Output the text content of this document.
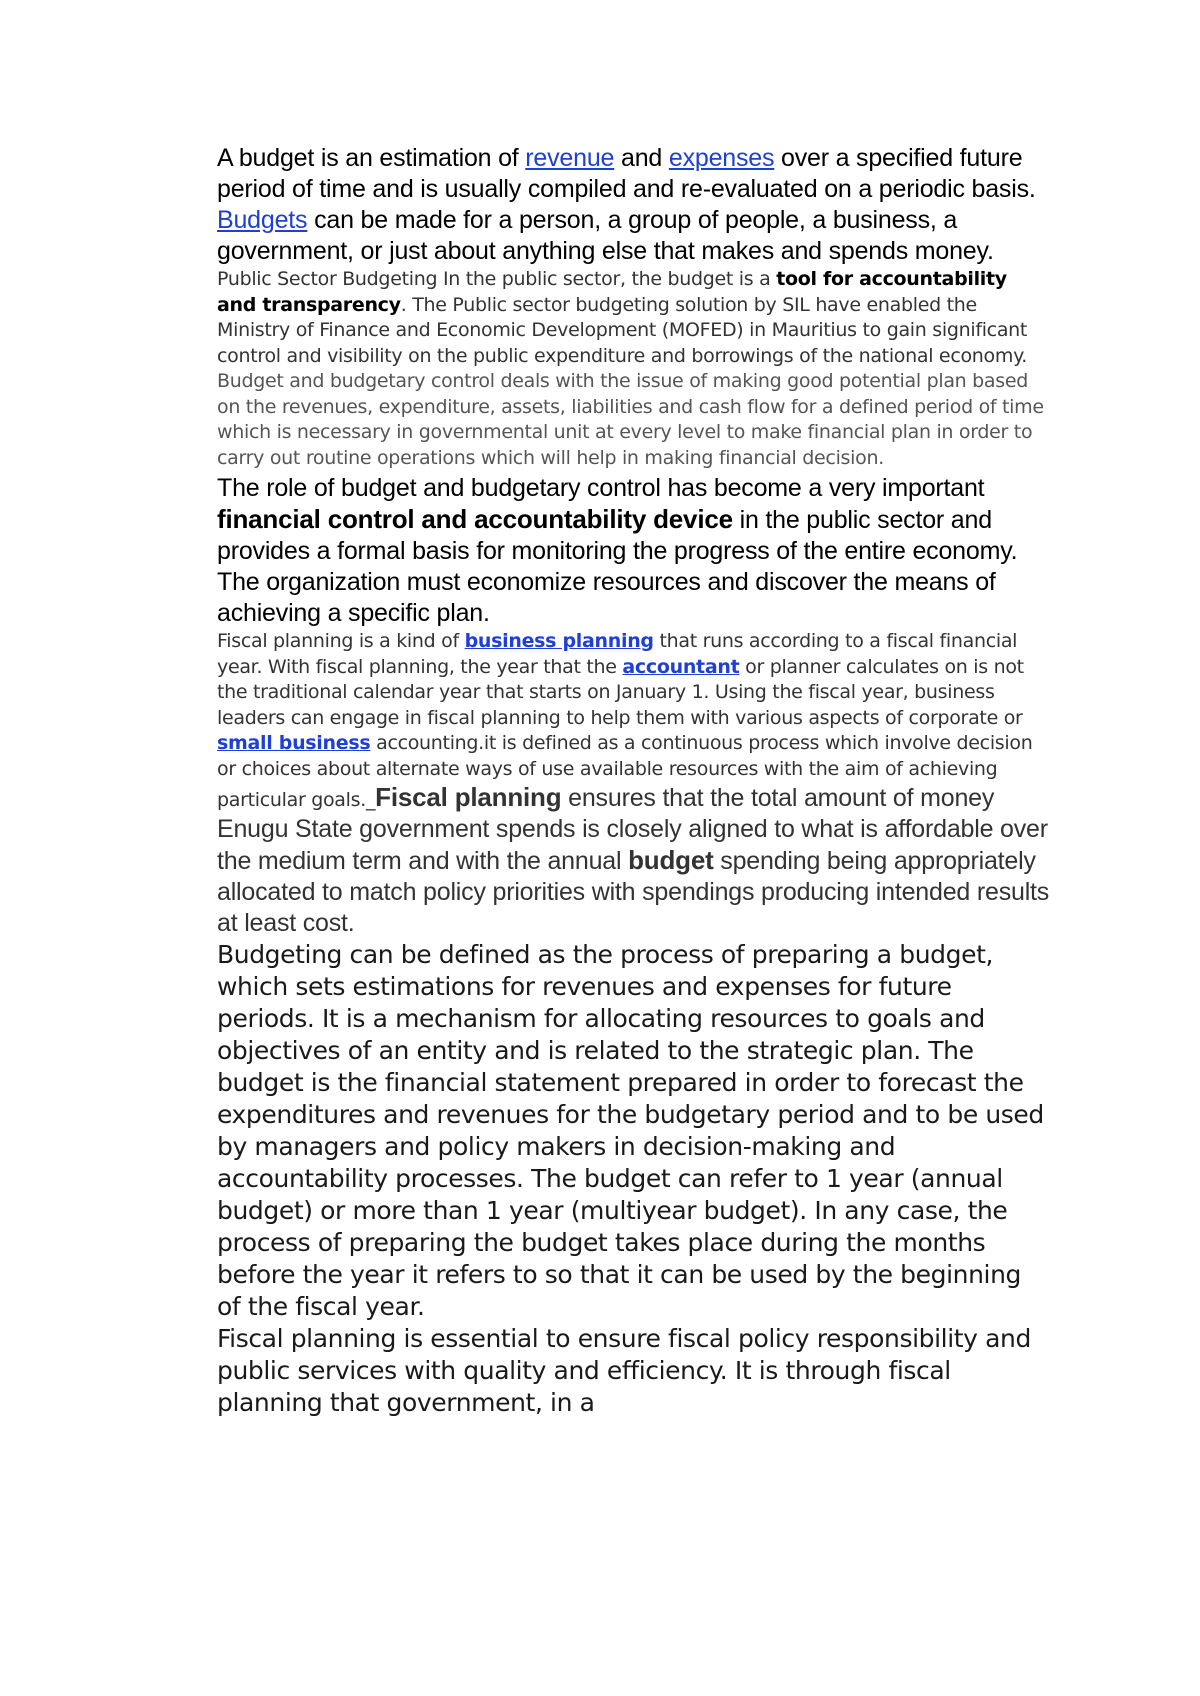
A budget is an estimation of revenue and expenses over a specified future period of time and is usually compiled and re-evaluated on a periodic basis. Budgets can be made for a person, a group of people, a business, a government, or just about anything else that makes and spends money.

Public Sector Budgeting In the public sector, the budget is a tool for accountability and transparency. The Public sector budgeting solution by SIL have enabled the Ministry of Finance and Economic Development (MOFED) in Mauritius to gain significant control and visibility on the public expenditure and borrowings of the national economy.

Budget and budgetary control deals with the issue of making good potential plan based on the revenues, expenditure, assets, liabilities and cash flow for a defined period of time which is necessary in governmental unit at every level to make financial plan in order to carry out routine operations which will help in making financial decision.

The role of budget and budgetary control has become a very important financial control and accountability device in the public sector and provides a formal basis for monitoring the progress of the entire economy. The organization must economize resources and discover the means of achieving a specific plan.

Fiscal planning is a kind of business planning that runs according to a fiscal financial year. With fiscal planning, the year that the accountant or planner calculates on is not the traditional calendar year that starts on January 1. Using the fiscal year, business leaders can engage in fiscal planning to help them with various aspects of corporate or small business accounting.it is defined as a continuous process which involve decision or choices about alternate ways of use available resources with the aim of achieving particular goals._Fiscal planning ensures that the total amount of money Enugu State government spends is closely aligned to what is affordable over the medium term and with the annual budget spending being appropriately allocated to match policy priorities with spendings producing intended results at least cost.

Budgeting can be defined as the process of preparing a budget, which sets estimations for revenues and expenses for future periods. It is a mechanism for allocating resources to goals and objectives of an entity and is related to the strategic plan. The budget is the financial statement prepared in order to forecast the expenditures and revenues for the budgetary period and to be used by managers and policy makers in decision-making and accountability processes. The budget can refer to 1 year (annual budget) or more than 1 year (multiyear budget). In any case, the process of preparing the budget takes place during the months before the year it refers to so that it can be used by the beginning of the fiscal year.

Fiscal planning is essential to ensure fiscal policy responsibility and public services with quality and efficiency. It is through fiscal planning that government, in a
